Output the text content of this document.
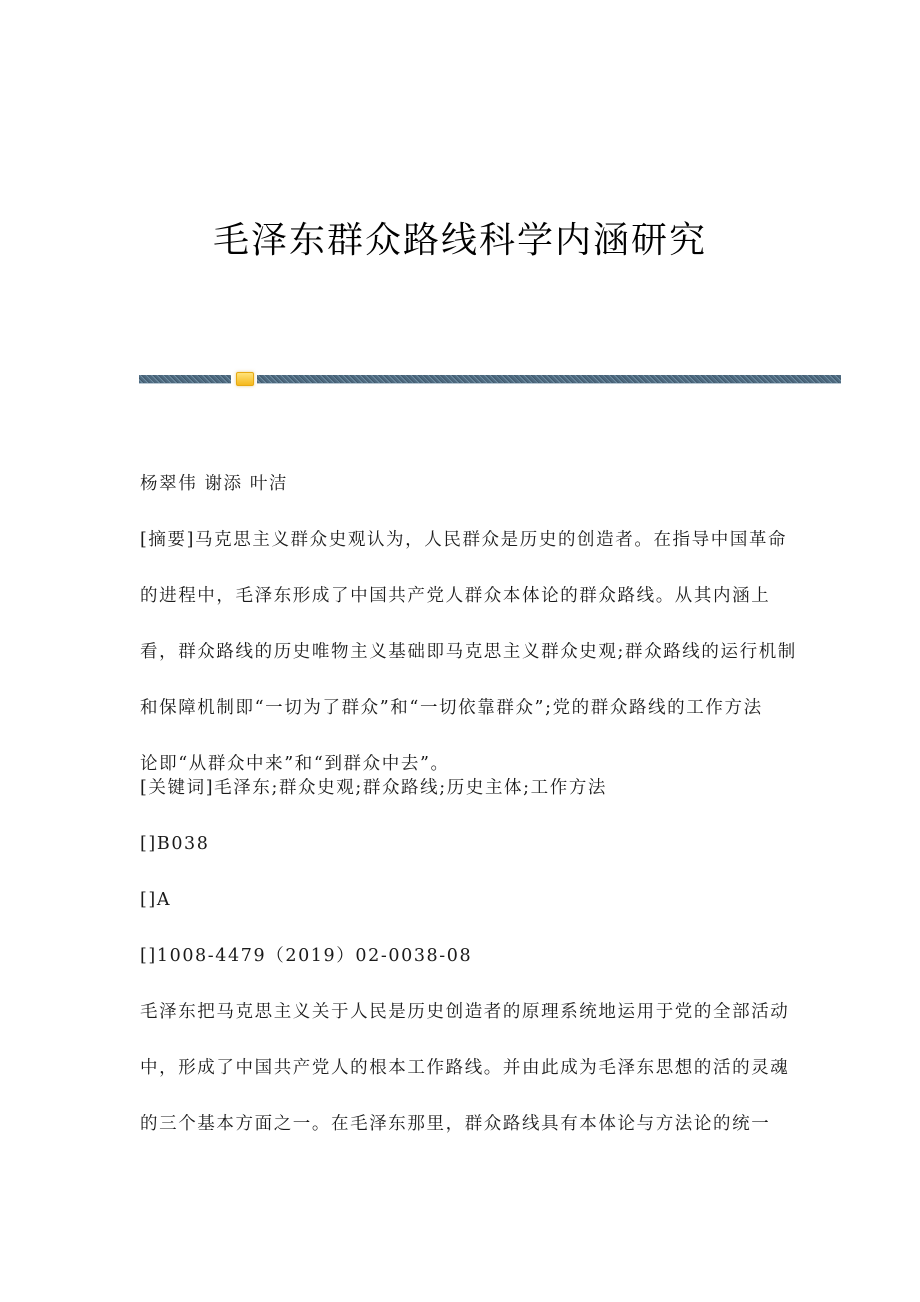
毛泽东群众路线科学内涵研究
杨翠伟 谢添 叶洁
[摘要]马克思主义群众史观认为，人民群众是历史的创造者。在指导中国革命
的进程中，毛泽东形成了中国共产党人群众本体论的群众路线。从其内涵上
看，群众路线的历史唯物主义基础即马克思主义群众史观;群众路线的运行机制
和保障机制即“一切为了群众”和“一切依靠群众”;党的群众路线的工作方法
论即“从群众中来”和“到群众中去”。
[关键词]毛泽东;群众史观;群众路线;历史主体;工作方法
[]B038
[]A
[]1008-4479（2019）02-0038-08
毛泽东把马克思主义关于人民是历史创造者的原理系统地运用于党的全部活动
中，形成了中国共产党人的根本工作路线。并由此成为毛泽东思想的活的灵魂
的三个基本方面之一。在毛泽东那里，群众路线具有本体论与方法论的统一
